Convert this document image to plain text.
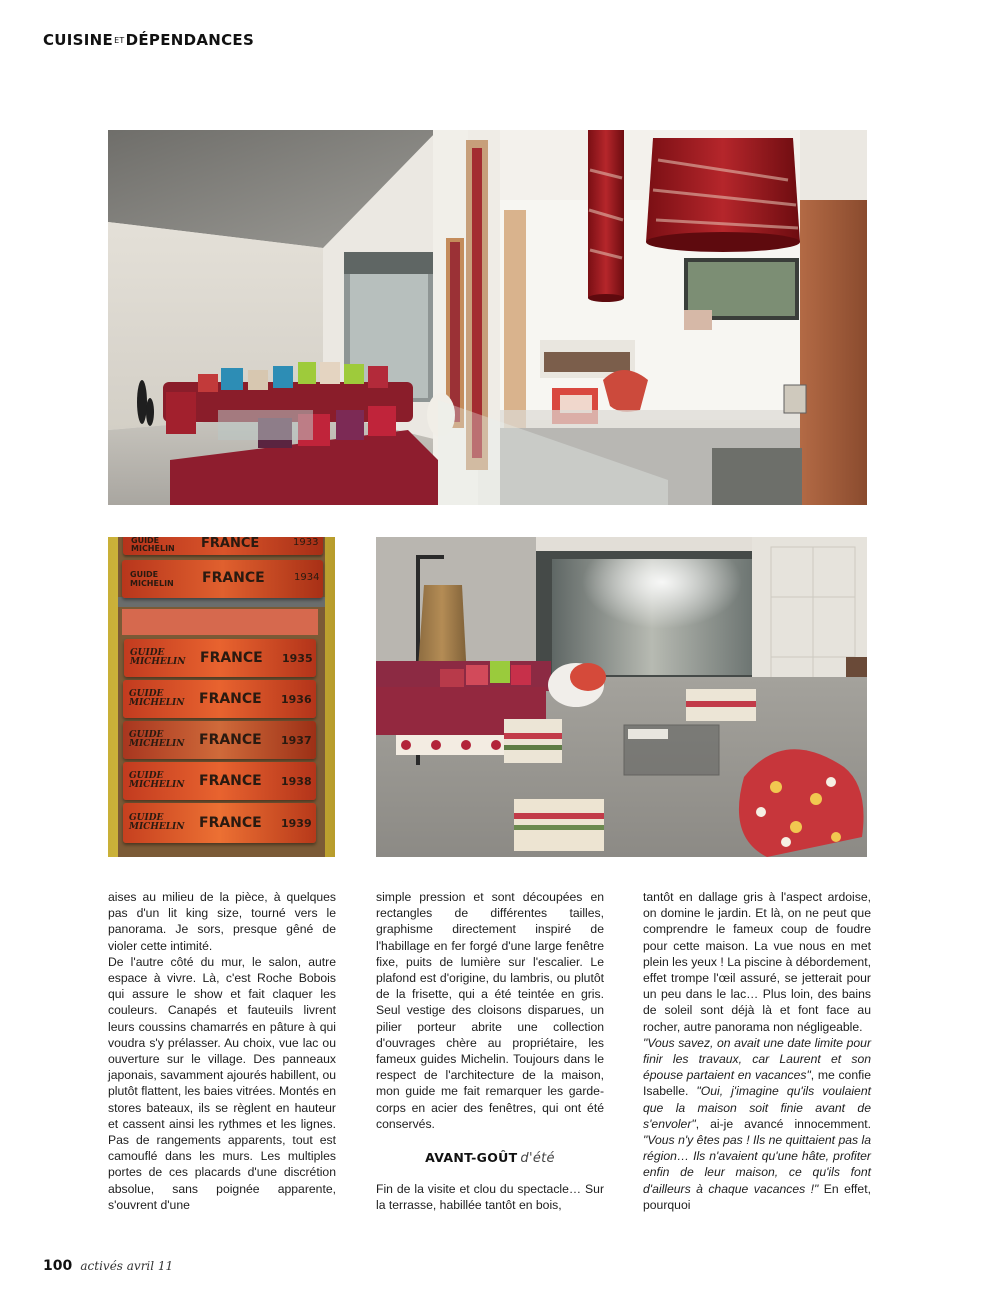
CUISINEETDÉPENDANCES
GUIDE MICHELIN FRANCE	1933
GUIDE MICHELIN FRANCE	1934
GUIDE MICHELIN FRANCE 1935
GUIDE MICHELIN FRANCE 1936
GUIDE MICHELIN FRANCE 1937
GUIDE MICHELIN FRANCE 1938
GUIDE MICHELIN FRANCE 1939

aises au milieu de la pièce, à quelques pas d'un lit king size, tourné vers le panorama. Je sors, presque gêné de violer cette intimité.

De l'autre côté du mur, le salon, autre espace à vivre. Là, c'est Roche Bobois qui assure le show et fait claquer les couleurs. Canapés et fauteuils livrent leurs coussins chamarrés en pâture à qui voudra s'y prélasser. Au choix, vue lac ou ouverture sur le village. Des panneaux japonais, savamment ajourés habillent, ou plutôt flattent, les baies vitrées. Montés en stores bateaux, ils se règlent en hauteur et cassent ainsi les rythmes et les lignes. Pas de rangements apparents, tout est camouflé dans les murs. Les multiples portes de ces placards d'une discrétion absolue, sans poignée apparente, s'ouvrent d'une

simple pression et sont découpées en rectangles de différentes tailles, graphisme directement inspiré de l'habillage en fer forgé d'une large fenêtre fixe, puits de lumière sur l'escalier. Le plafond est d'origine, du lambris, ou plutôt de la frisette, qui a été teintée en gris. Seul vestige des cloisons disparues, un pilier porteur abrite une collection d'ouvrages chère au propriétaire, les fameux guides Michelin. Toujours dans le respect de l'architecture de la maison, mon guide me fait remarquer les garde-corps en acier des fenêtres, qui ont été conservés.

AVANT-GOÛT d'été

Fin de la visite et clou du spectacle… Sur la terrasse, habillée tantôt en bois,

tantôt en dallage gris à l'aspect ardoise, on domine le jardin. Et là, on ne peut que comprendre le fameux coup de foudre pour cette maison. La vue nous en met plein les yeux ! La piscine à débordement, effet trompe l'œil assuré, se jetterait pour un peu dans le lac… Plus loin, des bains de soleil sont déjà là et font face au rocher, autre panorama non négligeable.

"Vous savez, on avait une date limite pour finir les travaux, car Laurent et son épouse partaient en vacances", me confie Isabelle. "Oui, j'imagine qu'ils voulaient que la maison soit finie avant de s'envoler", ai-je avancé innocemment. "Vous n'y êtes pas ! Ils ne quittaient pas la région… Ils n'avaient qu'une hâte, profiter enfin de leur maison, ce qu'ils font d'ailleurs à chaque vacances !" En effet, pourquoi

100 activés avril 11
